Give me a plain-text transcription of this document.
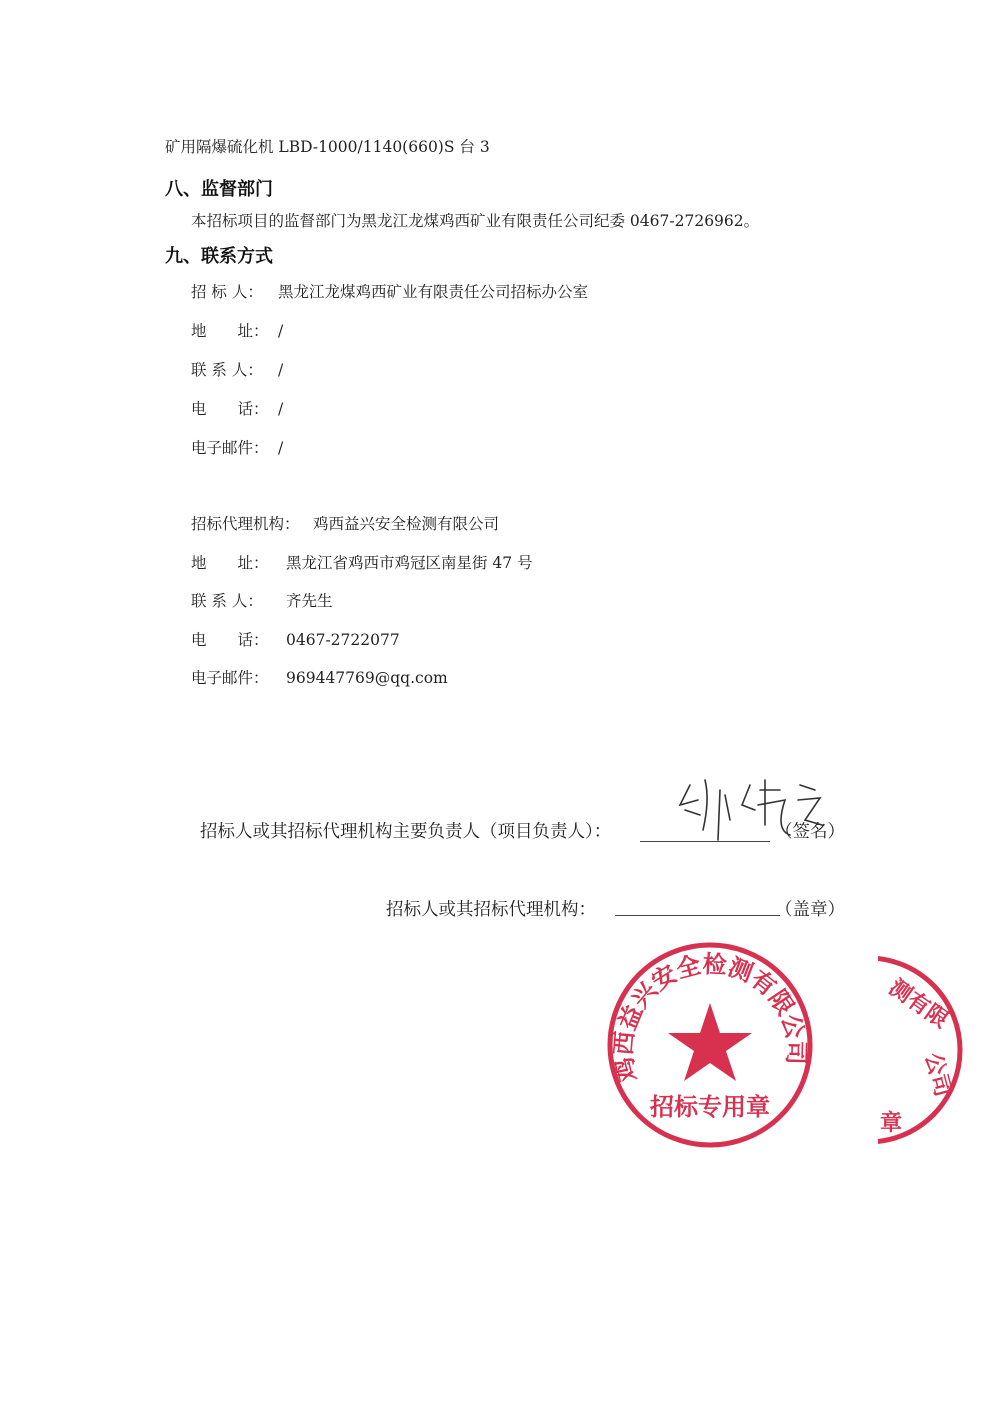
矿用隔爆硫化机 LBD-1000/1140(660)S 台 3
八、监督部门
本招标项目的监督部门为黑龙江龙煤鸡西矿业有限责任公司纪委 0467-2726962。
九、联系方式
招 标 人： 黑龙江龙煤鸡西矿业有限责任公司招标办公室
地　　址： /
联 系 人： /
电　　话： /
电子邮件： /
招标代理机构： 鸡西益兴安全检测有限公司
地　　址： 黑龙江省鸡西市鸡冠区南星街 47 号
联 系 人： 齐先生
电　　话： 0467-2722077
电子邮件： 969447769@qq.com
招标人或其招标代理机构主要负责人（项目负责人）：	（签名）
招标人或其招标代理机构：	（盖章）
鸡西益兴安全检测有限公司
招标专用章
测有限
公司
章
